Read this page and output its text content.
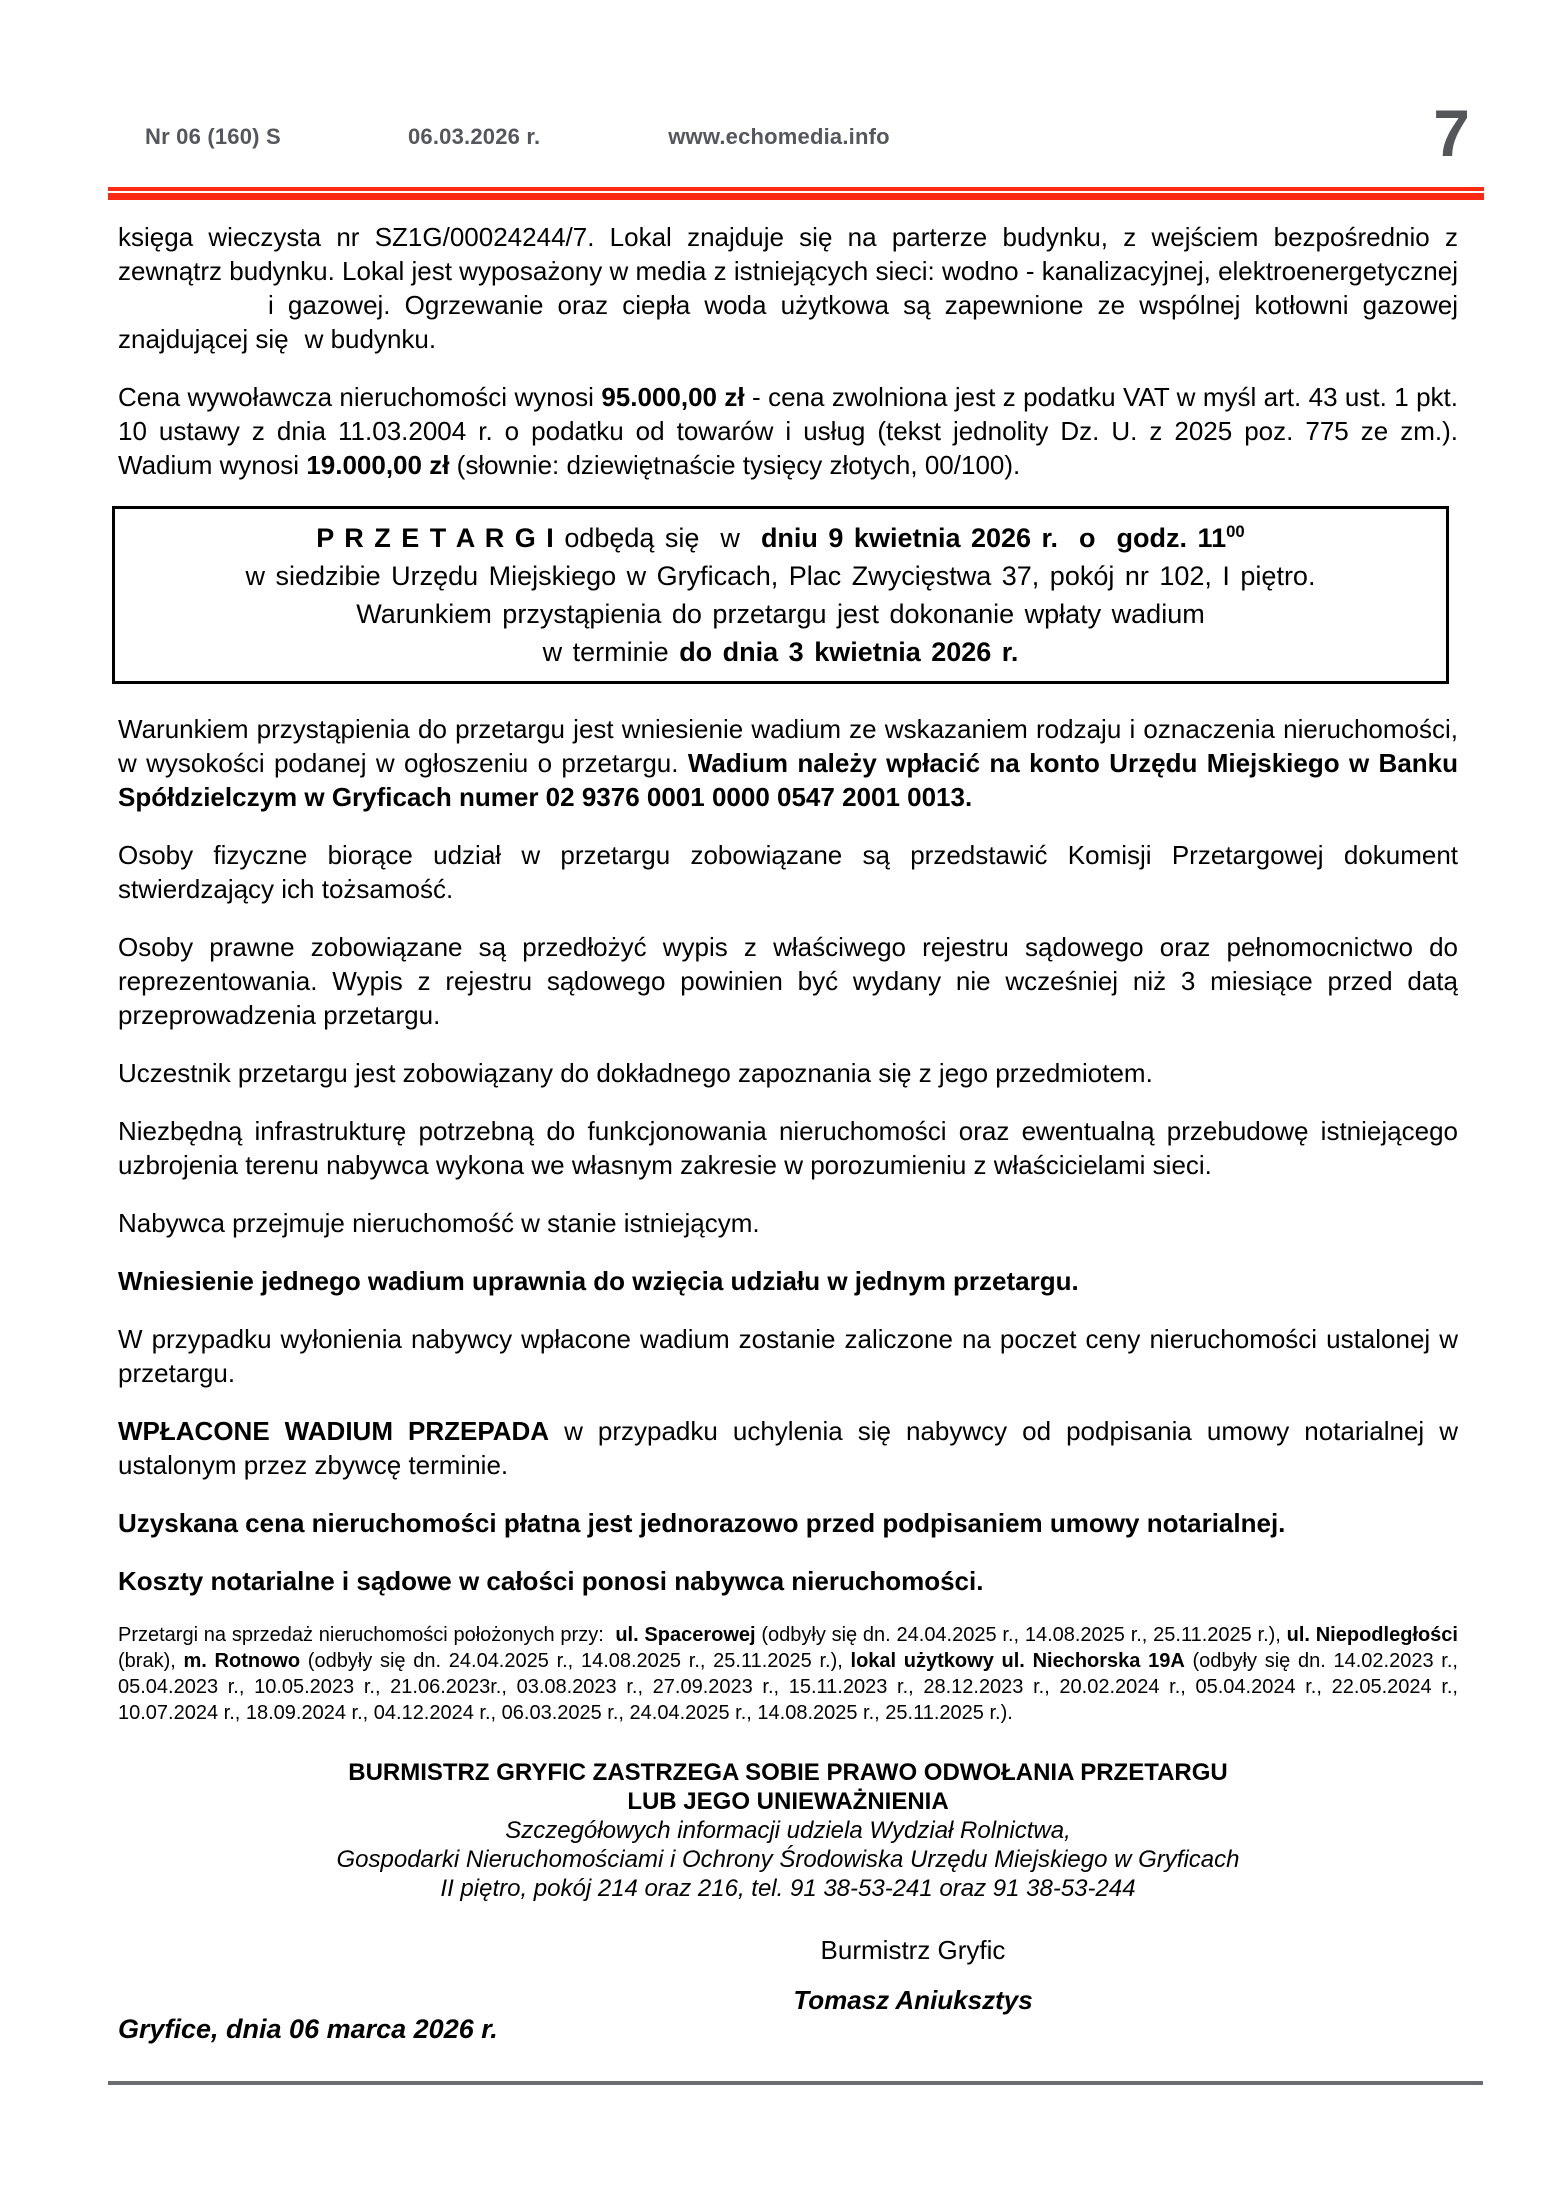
Nr 06 (160) S	06.03.2026 r.	www.echomedia.info	7

księga wieczysta nr SZ1G/00024244/7. Lokal znajduje się na parterze budynku, z wejściem bezpośrednio z zewnątrz budynku. Lokal jest wyposażony w media z istniejących sieci: wodno - kanalizacyjnej, elektroenergetyczneji gazowej. Ogrzewanie oraz ciepła woda użytkowa są zapewnione ze wspólnej kotłowni gazowej znajdującej się w budynku.

Cena wywoławcza nieruchomości wynosi 95.000,00 zł - cena zwolniona jest z podatku VAT w myśl art. 43 ust. 1 pkt. 10 ustawy z dnia 11.03.2004 r. o podatku od towarów i usług (tekst jednolity Dz. U. z 2025 poz. 775 ze zm.). Wadium wynosi 19.000,00 zł (słownie: dziewiętnaście tysięcy złotych, 00/100).

P R Z E T A R G I odbędą się  w  dniu 9 kwietnia 2026 r.  o  godz. $11^{00}$
w siedzibie Urzędu Miejskiego w Gryficach, Plac Zwycięstwa 37, pokój nr 102, I piętro.
Warunkiem przystąpienia do przetargu jest dokonanie wpłaty wadium
w terminie do dnia 3 kwietnia 2026 r.

Warunkiem przystąpienia do przetargu jest wniesienie wadium ze wskazaniem rodzaju i oznaczenia nieruchomości, w wysokości podanej w ogłoszeniu o przetargu. Wadium należy wpłacić na konto Urzędu Miejskiego w Banku Spółdzielczym w Gryficach numer 02 9376 0001 0000 0547 2001 0013.

Osoby fizyczne biorące udział w przetargu zobowiązane są przedstawić Komisji Przetargowej dokument stwierdzający ich tożsamość.

Osoby prawne zobowiązane są przedłożyć wypis z właściwego rejestru sądowego oraz pełnomocnictwo do reprezentowania. Wypis z rejestru sądowego powinien być wydany nie wcześniej niż 3 miesiące przed datą przeprowadzenia przetargu.

Uczestnik przetargu jest zobowiązany do dokładnego zapoznania się z jego przedmiotem.

Niezbędną infrastrukturę potrzebną do funkcjonowania nieruchomości oraz ewentualną przebudowę istniejącego uzbrojenia terenu nabywca wykona we własnym zakresie w porozumieniu z właścicielami sieci.

Nabywca przejmuje nieruchomość w stanie istniejącym.

Wniesienie jednego wadium uprawnia do wzięcia udziału w jednym przetargu.

W przypadku wyłonienia nabywcy wpłacone wadium zostanie zaliczone na poczet ceny nieruchomości ustalonej w przetargu.

WPŁACONE WADIUM PRZEPADA w przypadku uchylenia się nabywcy od podpisania umowy notarialnej w ustalonym przez zbywcę terminie.

Uzyskana cena nieruchomości płatna jest jednorazowo przed podpisaniem umowy notarialnej.

Koszty notarialne i sądowe w całości ponosi nabywca nieruchomości.

Przetargi na sprzedaż nieruchomości położonych przy:  ul. Spacerowej (odbyły się dn. 24.04.2025 r., 14.08.2025 r., 25.11.2025 r.), ul. Niepodległości (brak), m. Rotnowo (odbyły się dn. 24.04.2025 r., 14.08.2025 r., 25.11.2025 r.), lokal użytkowy ul. Niechorska 19A (odbyły się dn. 14.02.2023 r., 05.04.2023 r., 10.05.2023 r., 21.06.2023r., 03.08.2023 r., 27.09.2023 r., 15.11.2023 r., 28.12.2023 r., 20.02.2024 r., 05.04.2024 r., 22.05.2024 r., 10.07.2024 r., 18.09.2024 r., 04.12.2024 r., 06.03.2025 r., 24.04.2025 r., 14.08.2025 r., 25.11.2025 r.).

BURMISTRZ GRYFIC ZASTRZEGA SOBIE PRAWO ODWOŁANIA PRZETARGU
LUB JEGO UNIEWAŻNIENIA
Szczegółowych informacji udziela Wydział Rolnictwa,
Gospodarki Nieruchomościami i Ochrony Środowiska Urzędu Miejskiego w Gryficach
II piętro, pokój 214 oraz 216, tel. 91 38-53-241 oraz 91 38-53-244
Burmistrz Gryfic
Tomasz Aniuksztys
Gryfice, dnia 06 marca 2026 r.
